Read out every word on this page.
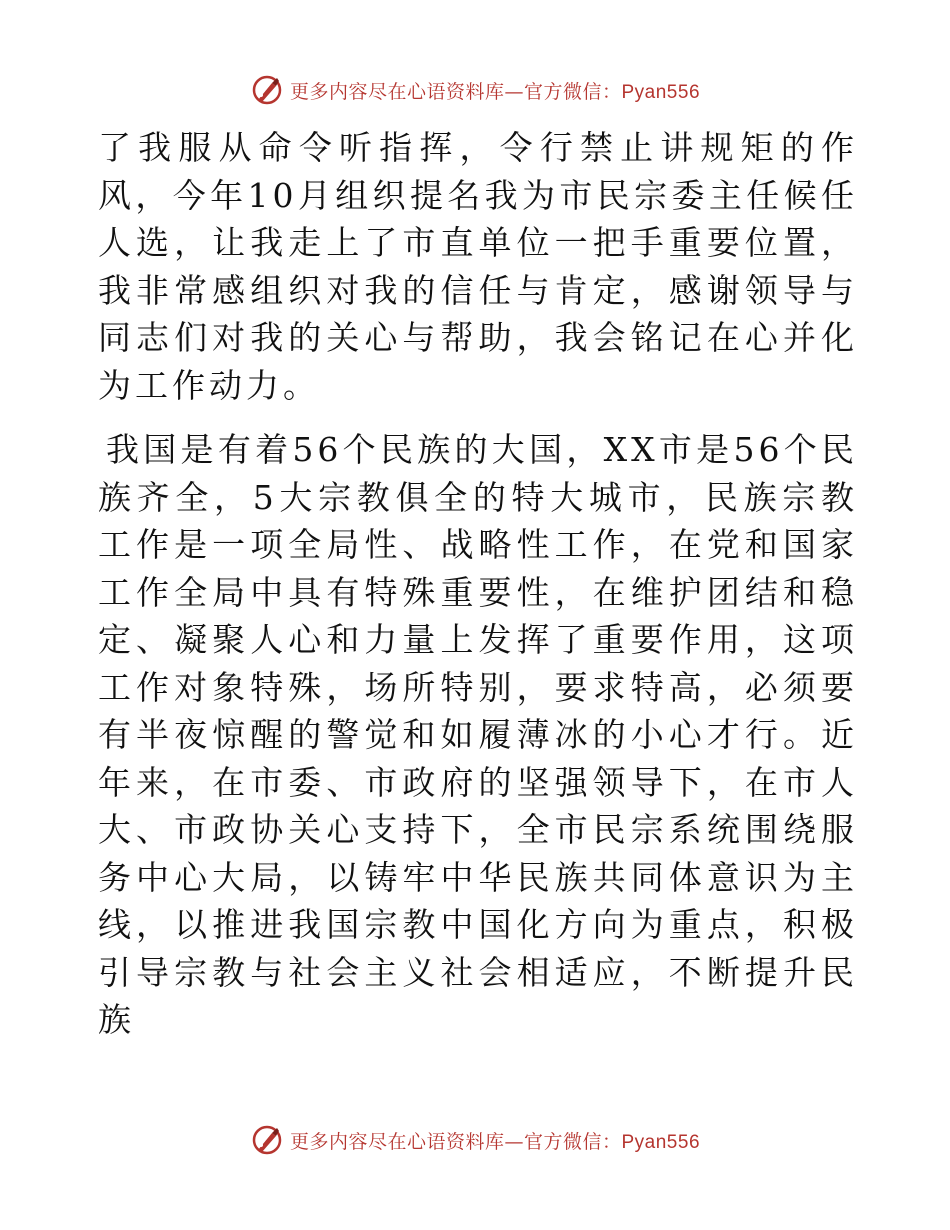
更多内容尽在心语资料库—官方微信：Pyan556

了我服从命令听指挥，令行禁止讲规矩的作风，今年10月组织提名我为市民宗委主任候任人选，让我走上了市直单位一把手重要位置，我非常感组织对我的信任与肯定，感谢领导与同志们对我的关心与帮助，我会铭记在心并化为工作动力。

我国是有着56个民族的大国，XX市是56个民族齐全，5大宗教俱全的特大城市，民族宗教工作是一项全局性、战略性工作，在党和国家工作全局中具有特殊重要性，在维护团结和稳定、凝聚人心和力量上发挥了重要作用，这项工作对象特殊，场所特别，要求特高，必须要有半夜惊醒的警觉和如履薄冰的小心才行。近年来，在市委、市政府的坚强领导下，在市人大、市政协关心支持下，全市民宗系统围绕服务中心大局，以铸牢中华民族共同体意识为主线，以推进我国宗教中国化方向为重点，积极引导宗教与社会主义社会相适应，不断提升民族

更多内容尽在心语资料库—官方微信：Pyan556
